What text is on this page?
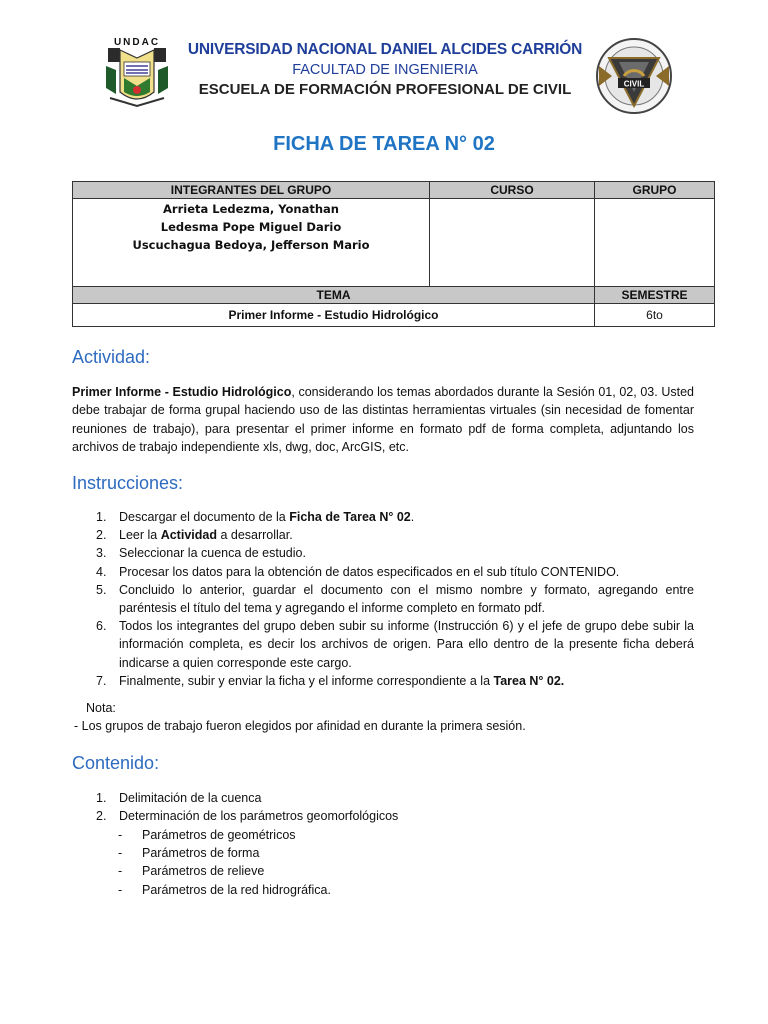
UNDAC
CIVIL
UNIVERSIDAD NACIONAL DANIEL ALCIDES CARRIÓN
FACULTAD DE INGENIERIA
ESCUELA DE FORMACIÓN PROFESIONAL DE CIVIL
FICHA DE TAREA N° 02
INTEGRANTES DEL GRUPO	CURSO	GRUPO

Arrieta Ledezma, Yonathan
Ledesma Pope Miguel Dario
Uscuchagua Bedoya, Jefferson Mario		

TEMA		SEMESTRE
Primer Informe - Estudio Hidrológico		6to
Actividad:
Primer Informe - Estudio Hidrológico, considerando los temas abordados durante la Sesión 01, 02, 03. Usted debe trabajar de forma grupal haciendo uso de las distintas herramientas virtuales (sin necesidad de fomentar reuniones de trabajo), para presentar el primer informe en formato pdf de forma completa, adjuntando los archivos de trabajo independiente xls, dwg, doc, ArcGIS, etc.
Instrucciones:
1. Descargar el documento de la Ficha de Tarea N° 02.
2. Leer la Actividad a desarrollar.
3. Seleccionar la cuenca de estudio.
4. Procesar los datos para la obtención de datos especificados en el sub título CONTENIDO.
5. Concluido lo anterior, guardar el documento con el mismo nombre y formato, agregando entre paréntesis el título del tema y agregando el informe completo en formato pdf.
6. Todos los integrantes del grupo deben subir su informe (Instrucción 6) y el jefe de grupo debe subir la información completa, es decir los archivos de origen. Para ello dentro de la presente ficha deberá indicarse a quien corresponde este cargo.
7. Finalmente, subir y enviar la ficha y el informe correspondiente a la Tarea N° 02.
Nota:
- Los grupos de trabajo fueron elegidos por afinidad en durante la primera sesión.
Contenido:
1. Delimitación de la cuenca
2. Determinación de los parámetros geomorfológicos
- Parámetros de geométricos
- Parámetros de forma
- Parámetros de relieve
- Parámetros de la red hidrográfica.
